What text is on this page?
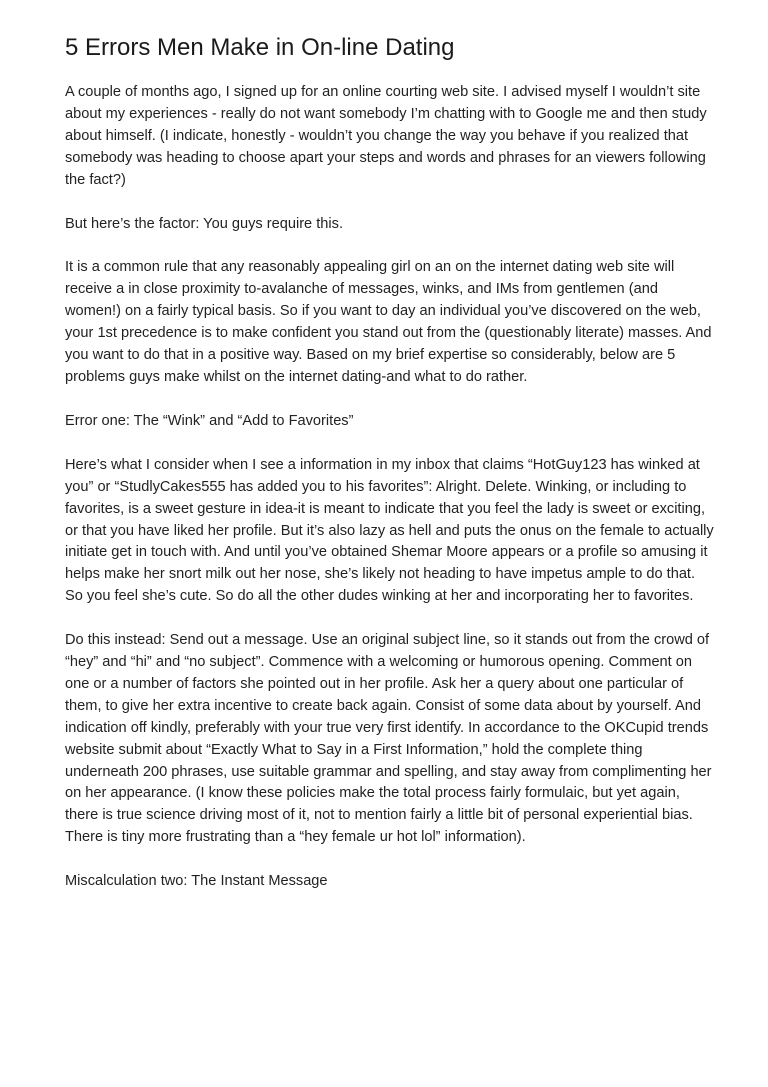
5 Errors Men Make in On-line Dating

A couple of months ago, I signed up for an online courting web site. I advised myself I wouldn’t site about my experiences - really do not want somebody I’m chatting with to Google me and then study about himself. (I indicate, honestly - wouldn’t you change the way you behave if you realized that somebody was heading to choose apart your steps and words and phrases for an viewers following the fact?)

But here’s the factor: You guys require this.

It is a common rule that any reasonably appealing girl on an on the internet dating web site will receive a in close proximity to-avalanche of messages, winks, and IMs from gentlemen (and women!) on a fairly typical basis. So if you want to day an individual you’ve discovered on the web, your 1st precedence is to make confident you stand out from the (questionably literate) masses. And you want to do that in a positive way. Based on my brief expertise so considerably, below are 5 problems guys make whilst on the internet dating-and what to do rather.

Error one: The “Wink” and “Add to Favorites”

Here’s what I consider when I see a information in my inbox that claims “HotGuy123 has winked at you” or “StudlyCakes555 has added you to his favorites”: Alright. Delete. Winking, or including to favorites, is a sweet gesture in idea-it is meant to indicate that you feel the lady is sweet or exciting, or that you have liked her profile. But it’s also lazy as hell and puts the onus on the female to actually initiate get in touch with. And until you’ve obtained Shemar Moore appears or a profile so amusing it helps make her snort milk out her nose, she’s likely not heading to have impetus ample to do that. So you feel she’s cute. So do all the other dudes winking at her and incorporating her to favorites.

Do this instead: Send out a message. Use an original subject line, so it stands out from the crowd of “hey” and “hi” and “no subject”. Commence with a welcoming or humorous opening. Comment on one or a number of factors she pointed out in her profile. Ask her a query about one particular of them, to give her extra incentive to create back again. Consist of some data about by yourself. And indication off kindly, preferably with your true very first identify. In accordance to the OKCupid trends website submit about “Exactly What to Say in a First Information,” hold the complete thing underneath 200 phrases, use suitable grammar and spelling, and stay away from complimenting her on her appearance. (I know these policies make the total process fairly formulaic, but yet again, there is true science driving most of it, not to mention fairly a little bit of personal experiential bias. There is tiny more frustrating than a “hey female ur hot lol” information).

Miscalculation two: The Instant Message
